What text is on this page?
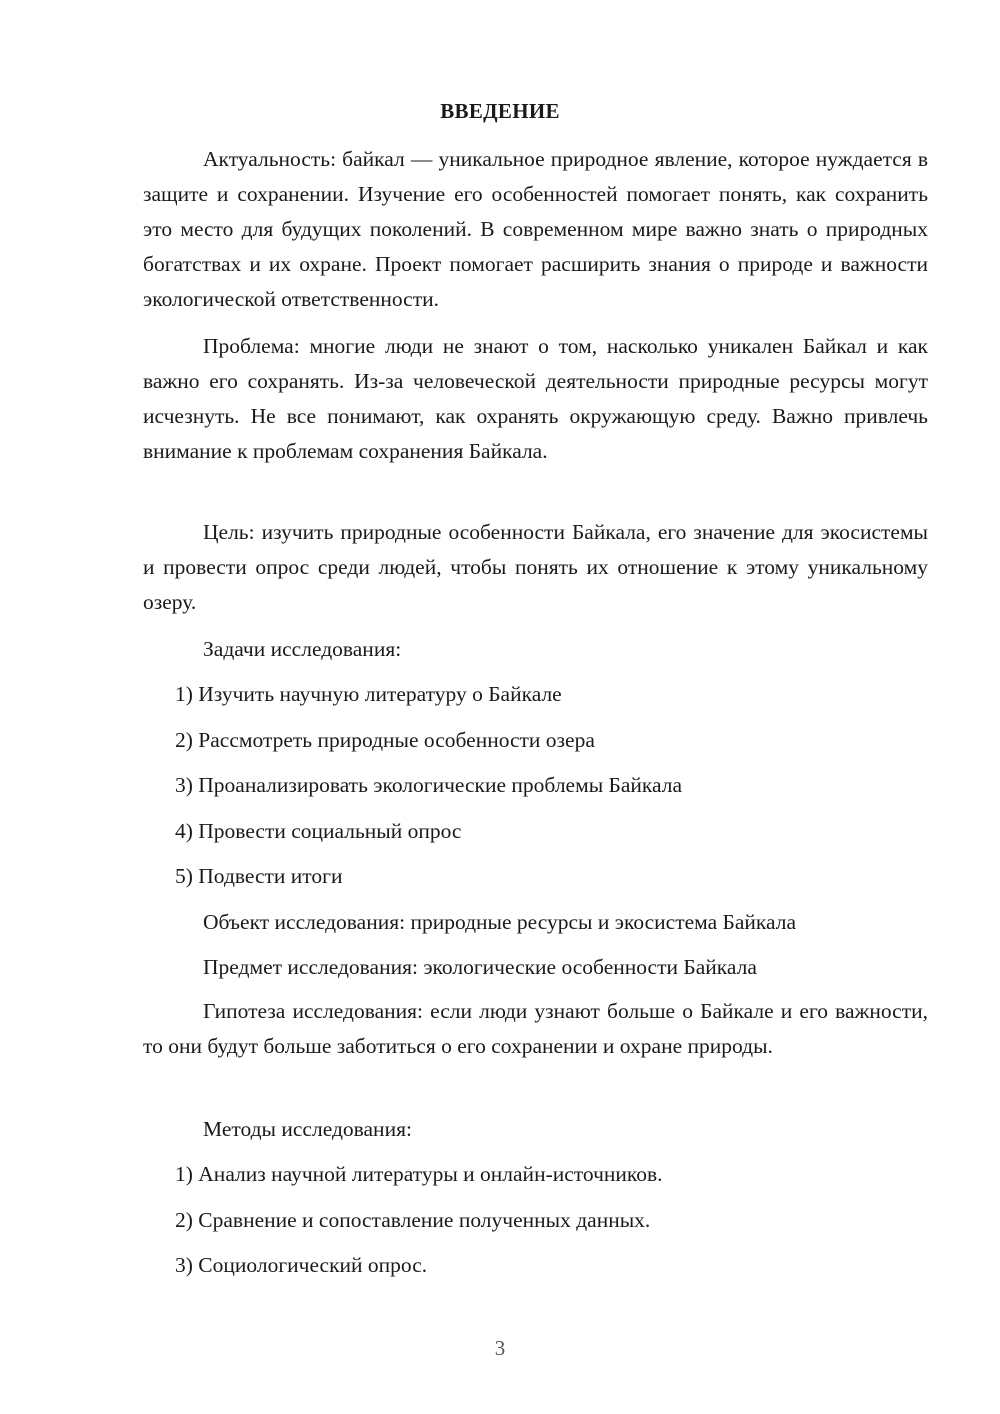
ВВЕДЕНИЕ

Актуальность: байкал — уникальное природное явление, которое нуждается в защите и сохранении. Изучение его особенностей помогает понять, как сохранить это место для будущих поколений. В современном мире важно знать о природных богатствах и их охране. Проект помогает расширить знания о природе и важности экологической ответственности.

Проблема: многие люди не знают о том, насколько уникален Байкал и как важно его сохранять. Из-за человеческой деятельности природные ресурсы могут исчезнуть. Не все понимают, как охранять окружающую среду. Важно привлечь внимание к проблемам сохранения Байкала.

Цель: изучить природные особенности Байкала, его значение для экосистемы и провести опрос среди людей, чтобы понять их отношение к этому уникальному озеру.

Задачи исследования:

1) Изучить научную литературу о Байкале

2) Рассмотреть природные особенности озера

3) Проанализировать экологические проблемы Байкала

4) Провести социальный опрос

5) Подвести итоги

Объект исследования: природные ресурсы и экосистема Байкала

Предмет исследования: экологические особенности Байкала

Гипотеза исследования: если люди узнают больше о Байкале и его важности, то они будут больше заботиться о его сохранении и охране природы.

Методы исследования:

1) Анализ научной литературы и онлайн-источников.

2) Сравнение и сопоставление полученных данных.

3) Социологический опрос.

3
